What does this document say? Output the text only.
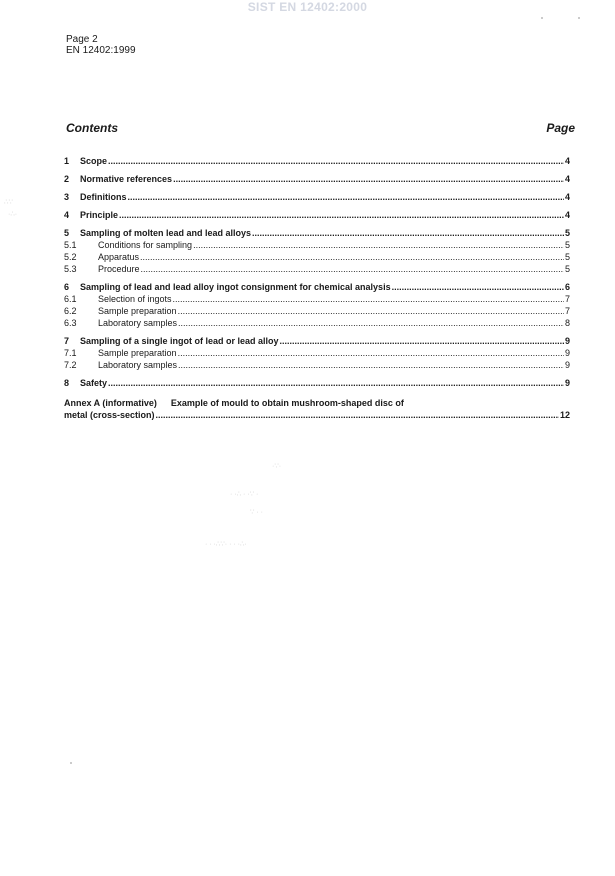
SIST EN 12402:2000
Page 2
EN 12402:1999
Contents	Page
1	Scope .....	4
2	Normative references .....	4
3	Definitions .....	4
4	Principle .....	4
5	Sampling of molten lead and lead alloys .....	5
5.1	Conditions for sampling .....	5
5.2	Apparatus .....	5
5.3	Procedure .....	5
6	Sampling of lead and lead alloy ingot consignment for chemical analysis .....	6
6.1	Selection of ingots .....	7
6.2	Sample preparation .....	7
6.3	Laboratory samples .....	8
7	Sampling of a single ingot of lead or lead alloy .....	9
7.1	Sample preparation .....	9
7.2	Laboratory samples .....	9
8	Safety .....	9
Annex A (informative) Example of mould to obtain mushroom-shaped disc of
metal (cross-section) .....	12
∴∵
·∴·
·∵·
· ·∴ · ·∵ ·
∵ · ·
· · ·∴∵· · · ·∴·
